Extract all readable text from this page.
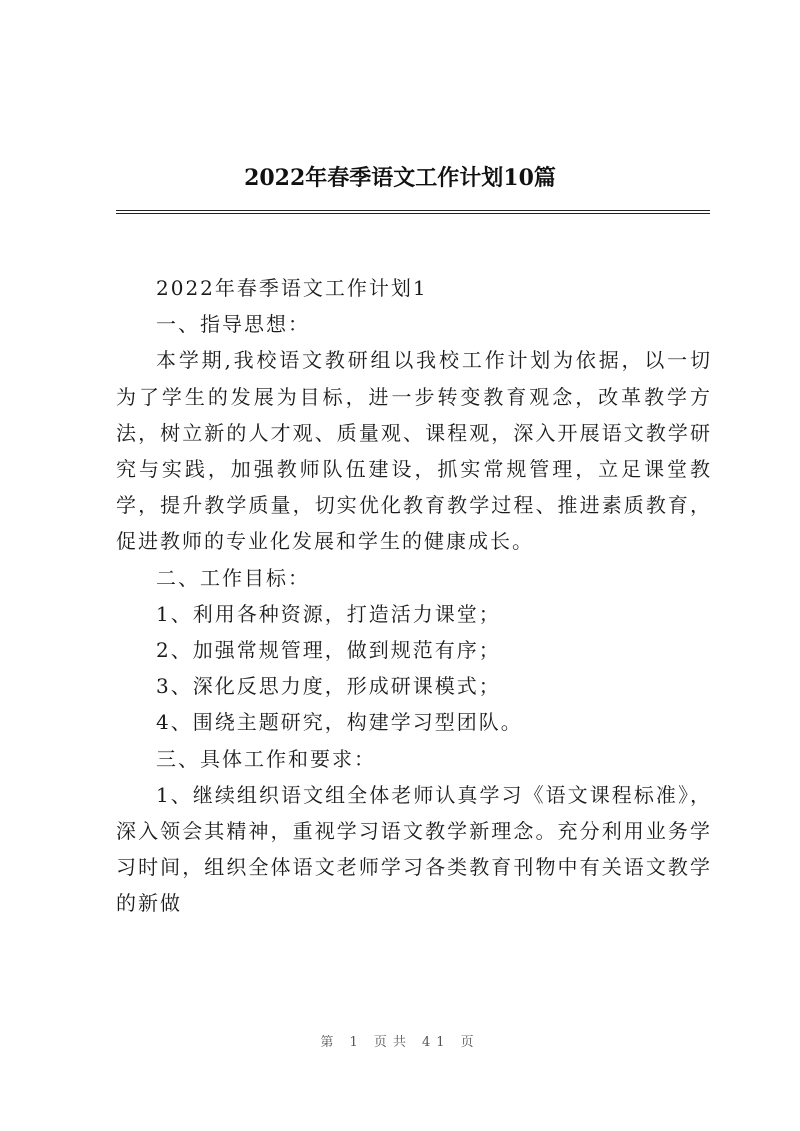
2022年春季语文工作计划10篇

2022年春季语文工作计划1

一、指导思想：

本学期,我校语文教研组以我校工作计划为依据，以一切为了学生的发展为目标，进一步转变教育观念，改革教学方法，树立新的人才观、质量观、课程观，深入开展语文教学研究与实践，加强教师队伍建设，抓实常规管理，立足课堂教学，提升教学质量，切实优化教育教学过程、推进素质教育，促进教师的专业化发展和学生的健康成长。

二、工作目标：

1、利用各种资源，打造活力课堂；

2、加强常规管理，做到规范有序；

3、深化反思力度，形成研课模式；

4、围绕主题研究，构建学习型团队。

三、具体工作和要求：

1、继续组织语文组全体老师认真学习《语文课程标准》，深入领会其精神，重视学习语文教学新理念。充分利用业务学习时间，组织全体语文老师学习各类教育刊物中有关语文教学的新做

第 1 页共 41 页
